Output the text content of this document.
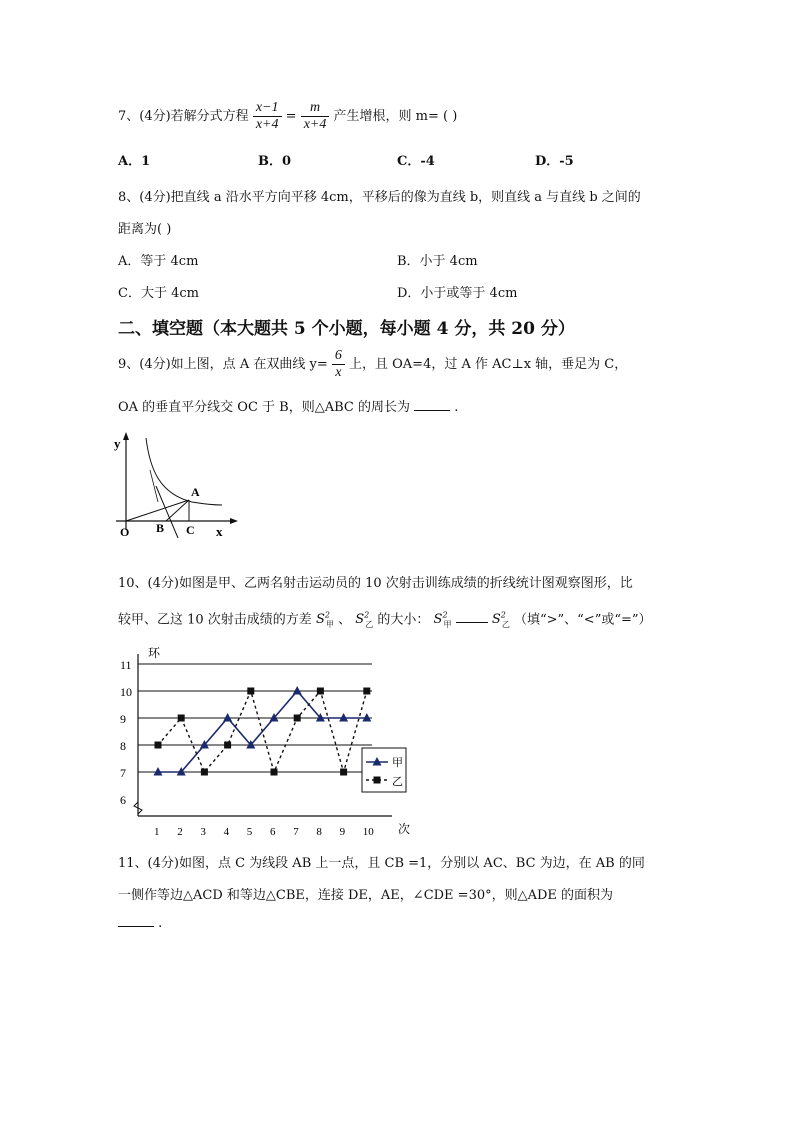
7、(4分)若解分式方程 $\frac{x-1}{x+4} = \frac{m}{x+4}$ 产生增根，则 m= ( )
A．1	B．0	C．-4	D．-5
8、(4分)把直线 a 沿水平方向平移 4cm，平移后的像为直线 b，则直线 a 与直线 b 之间的
距离为( )
A．等于 4cm	B．小于 4cm
C．大于 4cm	D．小于或等于 4cm
二、填空题（本大题共 5 个小题，每小题 4 分，共 20 分）
9、(4分)如上图，点 A 在双曲线 $y= \frac{6}{x}$ 上，且 OA=4，过 A 作 AC⊥x 轴，垂足为 C，
OA 的垂直平分线交 OC 于 B，则△ABC 的周长为	.
y
x
O
A
B C
10、(4分)如图是甲、乙两名射击运动员的 10 次射击训练成绩的折线统计图观察图形，比
较甲、乙这 10 次射击成绩的方差 $S^2_甲$ 、 $S^2_乙$ 的大小： $S^2_甲$	$S^2_乙$ （填“>”、“<”或“=”）
6
7
8
9
10
11
1 2 3 4 5 6 7 8 9 10
环
次
甲
乙
11、(4分)如图，点 C 为线段 AB 上一点，且 CB =1，分别以 AC、BC 为边，在 AB 的同
一侧作等边△ACD 和等边△CBE，连接 DE，AE，∠CDE =30°，则△ADE 的面积为
.
